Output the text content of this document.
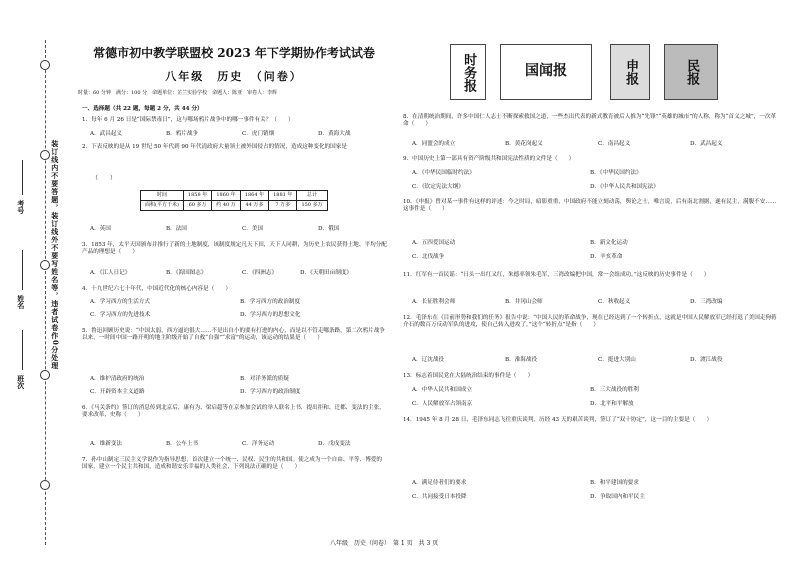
装订线内不要答题，装订线外不要写姓名等，违者试卷作0分处理
考号
姓名
班次
常德市初中教学联盟校 2023 年下学期协作考试试卷
八年级　历史　（问卷）
时量：60 分钟　满分：100 分　命题单位：芷兰实验学校　命题人：陈亚　审卷人：李辉
一、选择题（共 22 题，每题 2 分，共 44 分）
1．每年 6 月 26 日是“国际禁毒日”，这与哪场鸦片战争中的哪一事件有关？（　　）
A．武昌起义	B．鸦片战争	C．虎门销烟	D．黄海大战
2．下表反映的是从 19 世纪 50 年代到 90 年代清政府大量领土被外国侵占的情况，造成这种变化的国家是
（　　）
时间	1858 年	1860 年	1864 年	1881 年	总计
面积(平方千米)	60 多万	约 40 万	44 万多	7 万多	150 多万
A．英国	B．法国	C．美国	D．俄国
3．1853 年，太平天国颁布并推行了新的土地制度，该制度规定凡天下田，天下人同耕，为历史上农民获得土地、平均分配产品的理想是（　　）
A．《江人日记》	B．《海国图志》	C．《四洲志》	D．《天朝田亩制度》
4．十九世纪六七十年代，中国近代化的核心内容是（　　）
A．学习西方的生活方式	B．学习西方的政治制度
C．学习西方的先进技术	D．学习西方的思想文化
5．鲁迅回顾历史说：“中国太弱，西方逼迫很大……不是出自小的要有打进的内心，而是以不管走哪条路，第二次鸦片战争以来，一时间中国一路开明的地主阶级开始了自救“自强”“求富”的运动，该运动的结果是（　　）
A．维护清政府的统治	B．对洋务派的质疑
C．开辟资本主义道路	D．学习西方的政治制度
6．《马关条约》签订的消息传到北京后，康有为、梁启超等在京参加会试的举人联名上书，提出拒和、迁都、变法的主张，要求改革，史称（　　）
A．维新变法	B．公车上书	C．洋务运动	D．戊戌变法
7．孙中山制定三民主义学说作为指导思想，首次建立一个统一、民权、民生的共和国。使之成为一个自由、平等、博爱的国家，建立一个民主共和国，造成和谐安乐幸福的人类社会，下列说法正确的是（　　）
时务报	国闻报	申报	民报
8．在清朝统治期间，许多中国仁人志士不断探索救国之道，一些杰出代表的新式教育被后人推为“先锋”“英雄的城市”的人称，称为“首义之城”，一次革命（　　）
A．同盟会的成立	B．黄花岗起义	C．南昌起义	D．武昌起义
9．中国历史上第一部具有资产阶级共和国宪法性质的文件是（　　）
A．《中华民国临时约法》	B．《中华民国约法》
C．《钦定宪法大纲》	D．《中华人民共和国宪法》
10．《申报》曾对某一事件有这样的评述：今之时局，暗影重重，中国政府不能立刻动荡，舆论之士，唯言说，后有南北割据，遂有民主，满腹不安……这事件是（　　）
A．五四爱国运动	B．新文化运动
C．北伐战争	D．辛亥革命
11．红军有一首民谣：“日头一出红又红，朱德率领朱毛军，三湾改编把中国，常一会组成功。”这反映的历史事件是（　　）
A．长征胜利会师	B．井冈山会师	C．秋收起义	D．三湾改编
12．毛泽东在《目前形势和我们的任务》报告中说：“中国人民的革命战争，现在已经达到了一个转折点，这就是中国人民解放军已经打退了美国走狗蒋介石的数百万反动军队的进攻，使自己转入进攻了。”这个“转折点”是指（　　）
A．辽沈战役	B．淮海战役	C．挺进大别山	D．渡江战役
13．标志着国民党在大陆统治结束的事件是（　　）
A．中华人民共和国成立	B．三大战役的胜利
C．人民解放军占领南京	D．北平和平解放
14．1945 年 8 月 28 日，毛泽东同志飞往重庆谈判，历经 43 天的艰苦谈判，签订了“双十协定”，这一目的主要是（　　）
A．满足侍者们的要求	B．和平建国的要求
C．共同接受日本投降	D．争取国内和平民主
八年级　历史（问卷）　第 1 页　共 3 页
